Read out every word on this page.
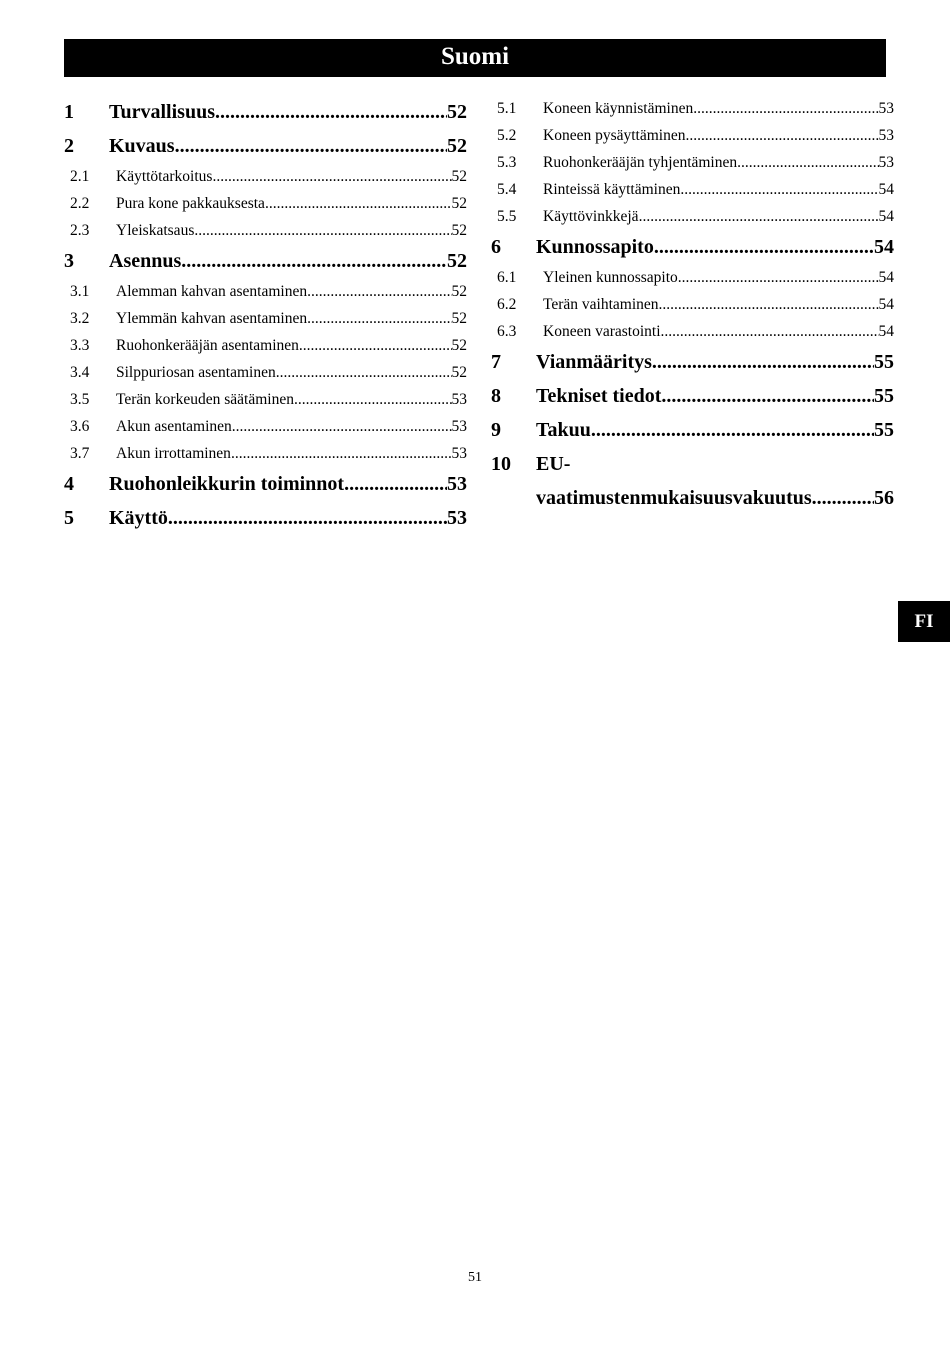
Suomi
1	Turvallisuus .....	52
2	Kuvaus .....	52
2.1	Käyttötarkoitus .....	52
2.2	Pura kone pakkauksesta .....	52
2.3	Yleiskatsaus .....	52
3	Asennus .....	52
3.1	Alemman kahvan asentaminen .....	52
3.2	Ylemmän kahvan asentaminen .....	52
3.3	Ruohonkerääjän asentaminen .....	52
3.4	Silppuriosan asentaminen .....	52
3.5	Terän korkeuden säätäminen .....	53
3.6	Akun asentaminen .....	53
3.7	Akun irrottaminen .....	53
4	Ruohonleikkurin toiminnot .....	53
5	Käyttö .....	53
5.1	Koneen käynnistäminen .....	53
5.2	Koneen pysäyttäminen .....	53
5.3	Ruohonkerääjän tyhjentäminen .....	53
5.4	Rinteissä käyttäminen .....	54
5.5	Käyttövinkkejä .....	54
6	Kunnossapito .....	54
6.1	Yleinen kunnossapito .....	54
6.2	Terän vaihtaminen .....	54
6.3	Koneen varastointi .....	54
7	Vianmääritys .....	55
8	Tekniset tiedot .....	55
9	Takuu .....	55
10	EU-
vaatimustenmukaisuusvakuutus .....	56
FI
51
